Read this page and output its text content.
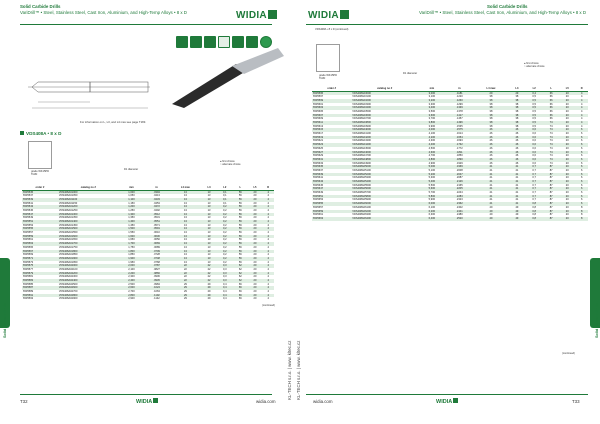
Solid Carbide Drills
VariDrill™ • Steel, Stainless Steel, Cast Iron, Aluminium, and High-Temp Alloys • 8 x D	WIDIA
Solid Carbide Drills
VariDrill™ • Steel, Stainless Steel, Cast Iron, Aluminium, and High-Temp Alloys • 8 x D
WIDIA
For information on L, L3, and L4 max see page T183.
VDS408A • 8 x D
grade WK15PD
TiAlN
D1 diameter
● first choice
○ alternate choice
order #	catalog no #	mm	in	L4 max	L3	L2	L	L5	D
6535535	VDS408A01000	1,000	.0394	13	13	0,1	56	20	4
6535537	VDS408A01050	1,050	.0413	13	13	0,1	56	20	4
6535539	VDS408A01100	1,100	.0433	13	13	0,1	56	20	4
6535541	VDS408A01150	1,150	.0453	13	13	0,1	56	20	4
6535543	VDS408A01200	1,200	.0472	13	13	0,2	56	20	4
6535545	VDS408A01250	1,250	.0492	13	13	0,2	56	20	4
6535547	VDS408A01300	1,300	.0512	13	13	0,2	56	20	4
6535549	VDS408A01350	1,350	.0531	13	13	0,2	56	20	4
6535551	VDS408A01400	1,400	.0551	13	13	0,2	56	20	4
6535553	VDS408A01450	1,450	.0571	13	13	0,2	56	20	4
6535555	VDS408A01500	1,500	.0591	13	13	0,2	56	20	4
6535557	VDS408A01550	1,550	.0610	13	13	0,2	56	20	4
6535559	VDS408A01600	1,600	.0630	13	13	0,2	56	20	4
6535561	VDS408A01650	1,650	.0650	13	13	0,2	56	20	4
6535563	VDS408A01700	1,700	.0669	13	13	0,2	56	20	4
6535565	VDS408A01750	1,750	.0689	13	13	0,2	56	20	4
6535567	VDS408A01800	1,800	.0709	13	13	0,2	56	20	4
6535569	VDS408A01850	1,850	.0728	13	13	0,2	56	20	4
6535571	VDS408A01900	1,900	.0748	13	13	0,2	56	20	4
6535573	VDS408A01950	1,950	.0768	13	13	0,2	56	20	4
6535575	VDS408A02000	2,000	.0787	22	22	0,3	62	20	4
6535577	VDS408A02100	2,100	.0827	22	22	0,3	62	20	4
6535579	VDS408A02200	2,200	.0866	22	22	0,3	62	20	4
6535581	VDS408A02300	2,300	.0906	22	22	0,3	62	20	4
6535583	VDS408A02400	2,400	.0945	22	22	0,3	62	20	4
6535585	VDS408A02500	2,500	.0984	29	29	0,4	66	20	4
6535587	VDS408A02600	2,600	.1024	29	29	0,4	66	20	4
6535589	VDS408A02700	2,700	.1063	29	29	0,4	66	20	4
6535591	VDS408A02800	2,800	.1102	29	29	0,4	66	20	4
6535593	VDS408A02900	2,900	.1142	29	29	0,4	66	20	4
(continued)
VDS408A • 8 x D (continued)
grade WK15PD
TiAlN
D1 diameter
● first choice
○ alternate choice
order #	catalog no #	mm	in	L4 max	L3	L2	L	L5	D
6535595	VDS408A03000	3,000	.1181	29	29	0,4	66	20	4
6535597	VDS408A03100	3,100	.1220	38	38	0,5	66	20	4
6535599	VDS408A03200	3,200	.1260	38	38	0,5	66	20	4
6535601	VDS408A03300	3,300	.1299	38	38	0,5	66	20	4
6535603	VDS408A03400	3,400	.1339	38	38	0,5	66	20	4
6535605	VDS408A03500	3,500	.1378	38	38	0,5	66	20	4
6535607	VDS408A03600	3,600	.1417	38	38	0,5	66	20	4
6535609	VDS408A03700	3,700	.1457	38	38	0,5	66	20	4
6535611	VDS408A03800	3,800	.1496	38	38	0,5	74	20	4
6535613	VDS408A03900	3,900	.1535	38	38	0,5	74	20	4
6535615	VDS408A04000	4,000	.1575	46	46	0,6	74	20	6
6535617	VDS408A04100	4,100	.1614	46	46	0,6	74	20	6
6535619	VDS408A04200	4,200	.1654	46	46	0,6	74	20	6
6535621	VDS408A04300	4,300	.1693	46	46	0,6	74	20	6
6535623	VDS408A04400	4,400	.1732	46	46	0,6	74	20	6
6535625	VDS408A04500	4,500	.1772	46	46	0,6	74	20	6
6535627	VDS408A04600	4,600	.1811	46	46	0,6	74	20	6
6535629	VDS408A04700	4,700	.1850	46	46	0,6	74	20	6
6535631	VDS408A04800	4,800	.1890	46	46	0,6	74	20	6
6535633	VDS408A04900	4,900	.1929	46	46	0,6	74	20	6
6535635	VDS408A05000	5,000	.1969	41	41	0,7	87	20	6
6535637	VDS408A05100	5,100	.2008	41	41	0,7	87	20	6
6535639	VDS408A05200	5,200	.2047	41	41	0,7	87	20	6
6535641	VDS408A05300	5,300	.2087	41	41	0,7	87	20	6
6535643	VDS408A05400	5,400	.2126	41	41	0,7	87	20	6
6535645	VDS408A05500	5,500	.2165	41	41	0,7	87	20	6
6535647	VDS408A05600	5,600	.2205	41	41	0,7	87	20	6
6535649	VDS408A05700	5,700	.2244	41	41	0,7	87	20	6
6535651	VDS408A05800	5,800	.2283	41	41	0,7	87	20	6
6535653	VDS408A05900	5,900	.2323	41	41	0,7	87	20	6
6535655	VDS408A06000	6,000	.2362	41	41	0,8	87	20	6
6535657	VDS408A06100	6,100	.2402	49	49	0,8	87	20	8
6535659	VDS408A06200	6,200	.2441	49	49	0,8	87	20	8
6535661	VDS408A06300	6,300	.2480	49	49	0,8	87	20	8
6535663	VDS408A06400	6,400	.2520	49	49	0,8	87	20	8
(continued)
Solid Carbide Drills	Solid Carbide Drills
KL-TECH s.r.o. | www. kltec.cz KL-TECH s.r.o. | www. kltec.cz
T32	WIDIA	widia.com	widia.com	WIDIA	T33
